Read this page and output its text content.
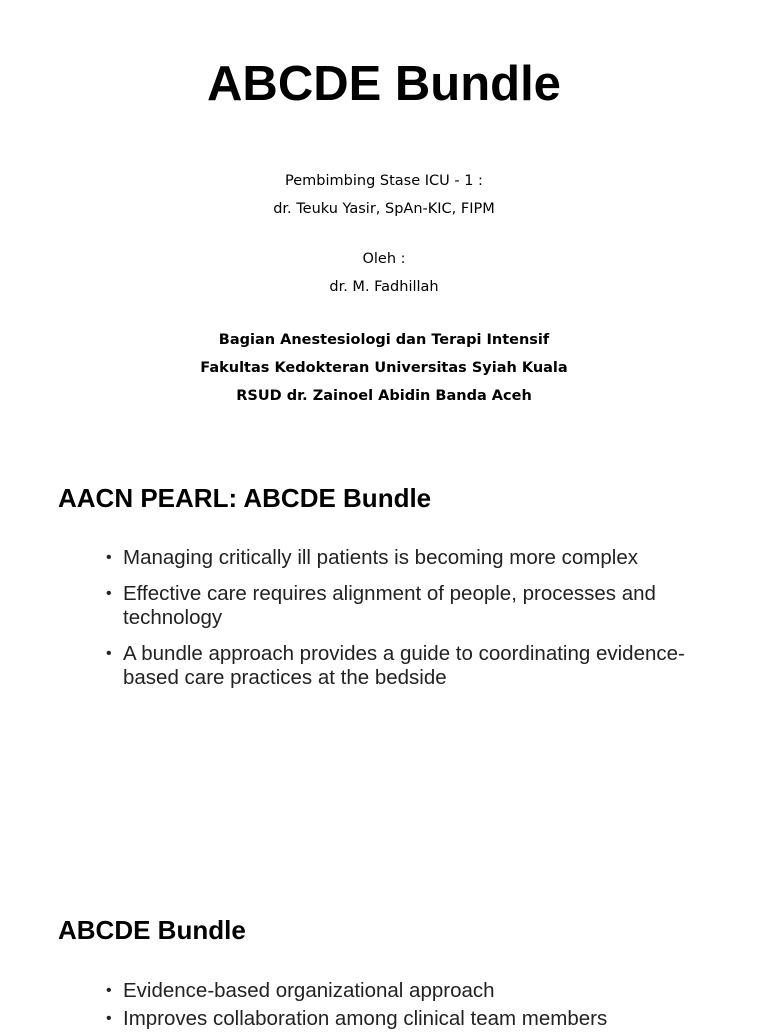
ABCDE Bundle
Pembimbing Stase ICU - 1 :
dr. Teuku Yasir, SpAn-KIC, FIPM
Oleh :
dr. M. Fadhillah
Bagian Anestesiologi dan Terapi Intensif
Fakultas Kedokteran Universitas Syiah Kuala
RSUD dr. Zainoel Abidin Banda Aceh
AACN PEARL: ABCDE Bundle
• Managing critically ill patients is becoming more complex
• Effective care requires alignment of people, processes and technology
• A bundle approach provides a guide to coordinating evidence-based care practices at the bedside
ABCDE Bundle
• Evidence-based organizational approach
• Improves collaboration among clinical team members
